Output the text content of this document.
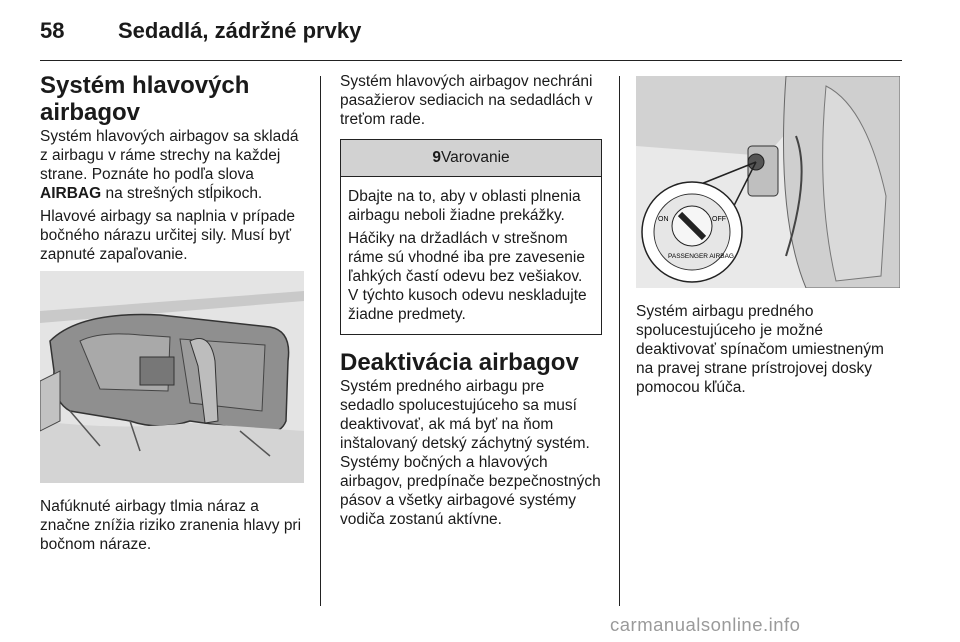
58 Sedadlá, zádržné prvky
Systém hlavových airbagov

Systém hlavových airbagov sa skladá z airbagu v ráme strechy na každej strane. Poznáte ho podľa slova AIRBAG na strešných stĺpikoch.

Hlavové airbagy sa naplnia v prípade bočného nárazu určitej sily. Musí byť zapnuté zapaľovanie.

Nafúknuté airbagy tlmia náraz a značne znížia riziko zranenia hlavy pri bočnom náraze.

Systém hlavových airbagov nechráni pasažierov sediacich na sedadlách v treťom rade.

9Varovanie

Dbajte na to, aby v oblasti plnenia airbagu neboli žiadne prekážky.

Háčiky na držadlách v strešnom ráme sú vhodné iba pre zavesenie ľahkých častí odevu bez vešiakov. V týchto kusoch odevu neskladujte žiadne predmety.

Deaktivácia airbagov

Systém predného airbagu pre sedadlo spolucestujúceho sa musí deaktivovať, ak má byť na ňom inštalovaný detský záchytný systém. Systémy bočných a hlavových airbagov, predpínače bezpečnostných pásov a všetky airbagové systémy vodiča zostanú aktívne.

ON	OFF
PASSENGER AIRBAG

Systém airbagu predného spolucestujúceho je možné deaktivovať spínačom umiestneným na pravej strane prístrojovej dosky pomocou kľúča.

carmanualsonline.info
